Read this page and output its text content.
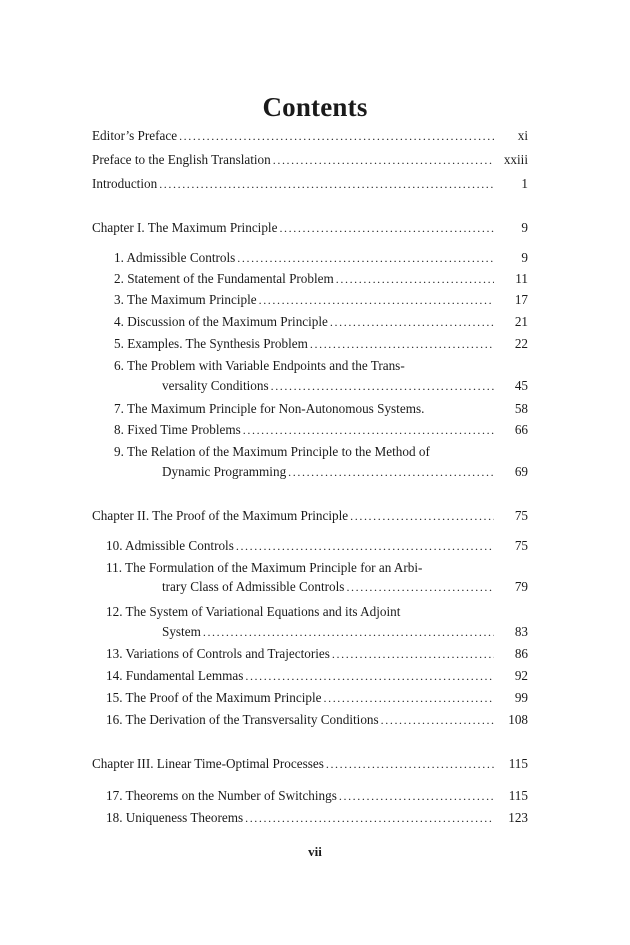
Contents
Editor’s Preface .....	xi
Preface to the English Translation .....	xxiii
Introduction .....	1
Chapter I. The Maximum Principle .....	9
1. Admissible Controls .....	9
2. Statement of the Fundamental Problem .....	11
3. The Maximum Principle .....	17
4. Discussion of the Maximum Principle .....	21
5. Examples. The Synthesis Problem .....	22
6. The Problem with Variable Endpoints and the Trans-
versality Conditions .....	45
7. The Maximum Principle for Non-Autonomous Systems.	58
8. Fixed Time Problems .....	66
9. The Relation of the Maximum Principle to the Method of
Dynamic Programming .....	69
Chapter II. The Proof of the Maximum Principle .....	75
10. Admissible Controls .....	75
11. The Formulation of the Maximum Principle for an Arbi-
trary Class of Admissible Controls .....	79
12. The System of Variational Equations and its Adjoint
System .....	83
13. Variations of Controls and Trajectories .....	86
14. Fundamental Lemmas .....	92
15. The Proof of the Maximum Principle .....	99
16. The Derivation of the Transversality Conditions .....	108
Chapter III. Linear Time-Optimal Processes .....	115
17. Theorems on the Number of Switchings .....	115
18. Uniqueness Theorems .....	123
vii
